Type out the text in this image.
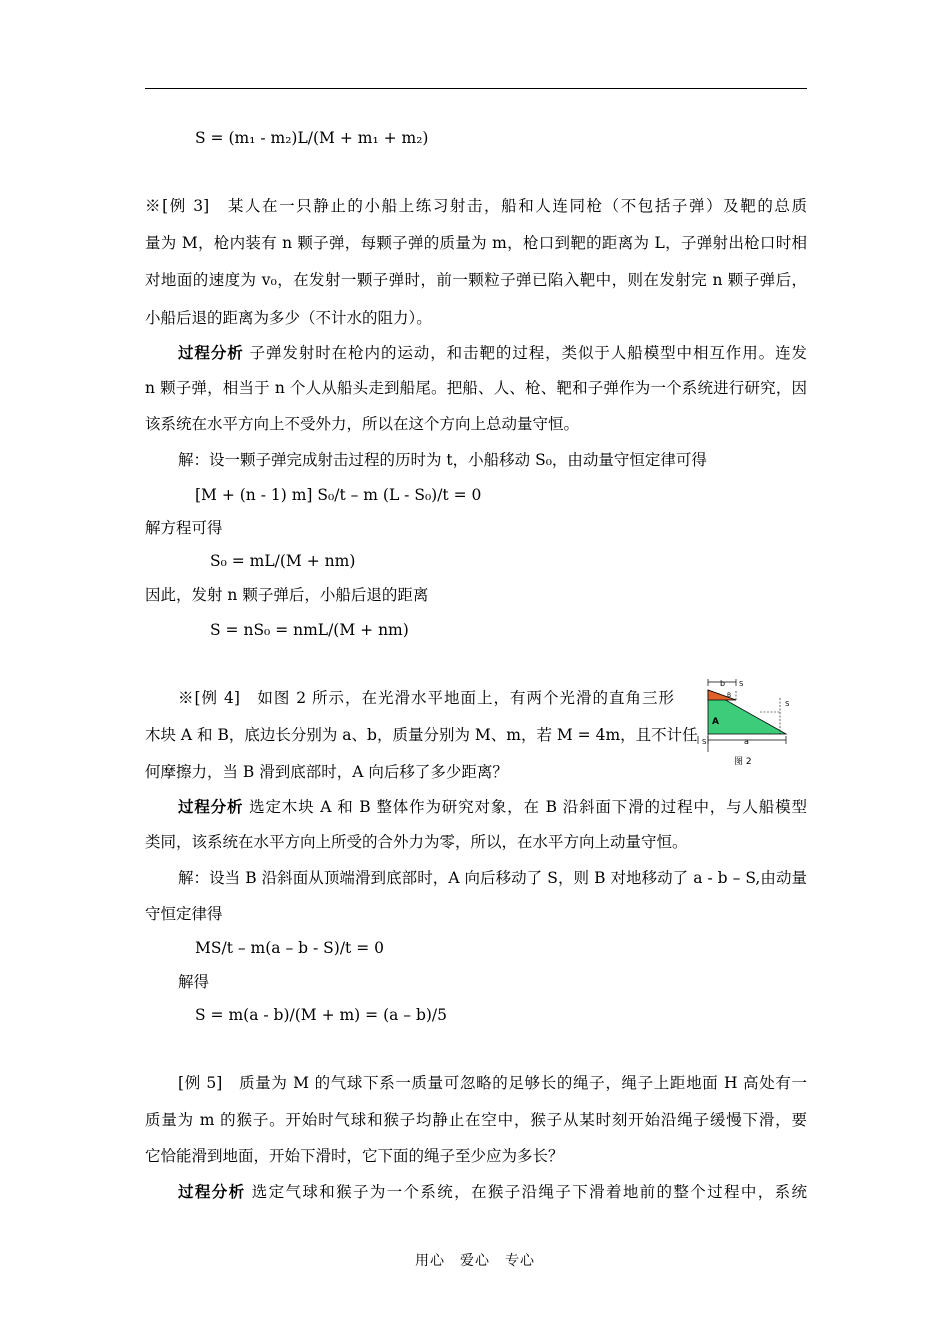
S = (m₁ - m₂)L/(M + m₁ + m₂)
※[例 3]　某人在一只静止的小船上练习射击，船和人连同枪（不包括子弹）及靶的总质
量为 M，枪内装有 n 颗子弹，每颗子弹的质量为 m，枪口到靶的距离为 L，子弹射出枪口时相
对地面的速度为 v₀，在发射一颗子弹时，前一颗粒子弹已陷入靶中，则在发射完 n 颗子弹后，
小船后退的距离为多少（不计水的阻力）。
过程分析 子弹发射时在枪内的运动，和击靶的过程，类似于人船模型中相互作用。连发
n 颗子弹，相当于 n 个人从船头走到船尾。把船、人、枪、靶和子弹作为一个系统进行研究，因
该系统在水平方向上不受外力，所以在这个方向上总动量守恒。
解：设一颗子弹完成射击过程的历时为 t，小船移动 S₀，由动量守恒定律可得
[M + (n - 1) m] S₀/t – m (L - S₀)/t = 0
解方程可得
S₀ = mL/(M + nm)
因此，发射 n 颗子弹后，小船后退的距离
S = nS₀ = nmL/(M + nm)
※[例 4]　如图 2 所示，在光滑水平地面上，有两个光滑的直角三形
木块 A 和 B，底边长分别为 a、b，质量分别为 M、m，若 M = 4m，且不计任
何摩擦力，当 B 滑到底部时，A 向后移了多少距离？
b S
S
B
A
S	a
图 2
过程分析 选定木块 A 和 B 整体作为研究对象，在 B 沿斜面下滑的过程中，与人船模型
类同，该系统在水平方向上所受的合外力为零，所以，在水平方向上动量守恒。
解：设当 B 沿斜面从顶端滑到底部时，A 向后移动了 S，则 B 对地移动了 a - b – S,由动量
守恒定律得
MS/t – m(a – b - S)/t = 0
解得
S = m(a - b)/(M + m) = (a – b)/5
[例 5]　质量为 M 的气球下系一质量可忽略的足够长的绳子，绳子上距地面 H 高处有一
质量为 m 的猴子。开始时气球和猴子均静止在空中，猴子从某时刻开始沿绳子缓慢下滑，要
它恰能滑到地面，开始下滑时，它下面的绳子至少应为多长？
过程分析 选定气球和猴子为一个系统，在猴子沿绳子下滑着地前的整个过程中，系统
用心　爱心　专心
